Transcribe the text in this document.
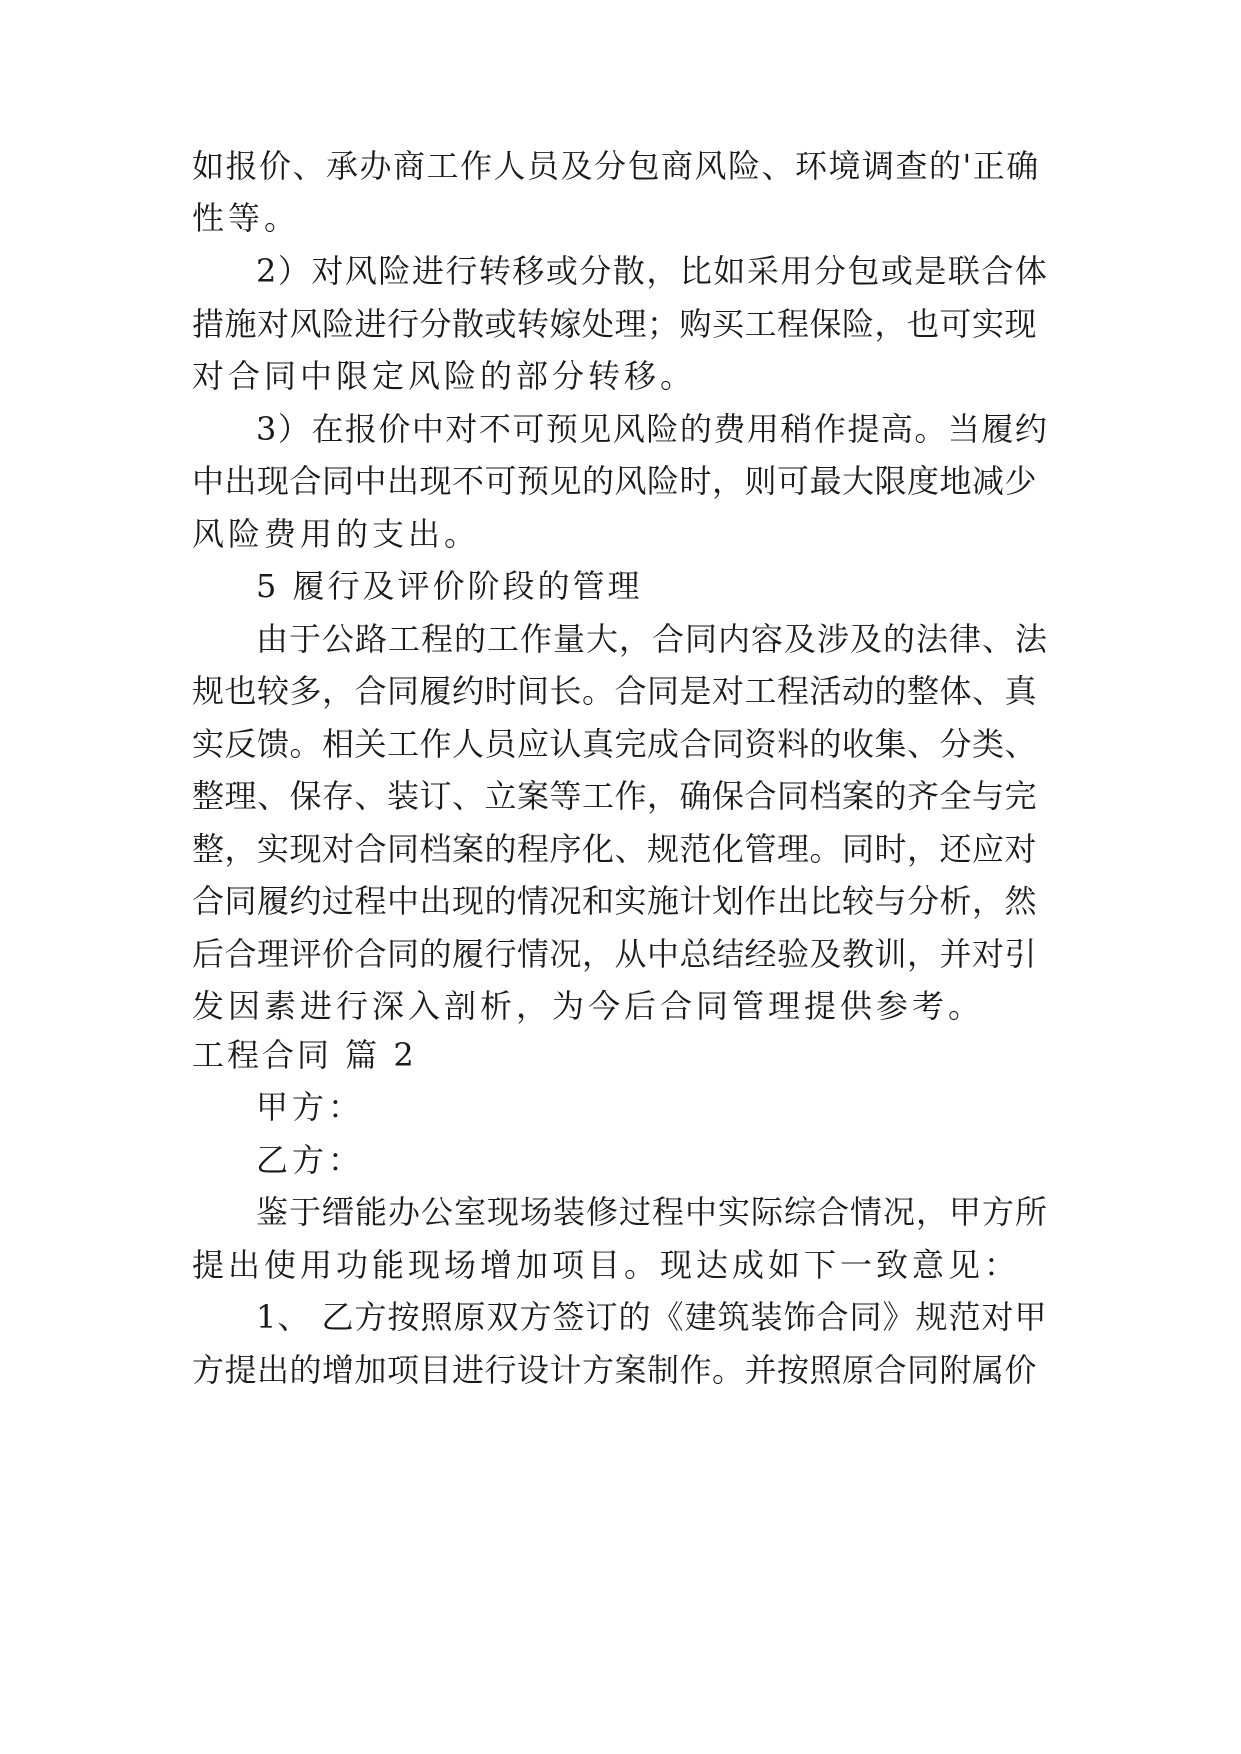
如报价、承办商工作人员及分包商风险、环境调查的'正确
性等。
2）对风险进行转移或分散，比如采用分包或是联合体
措施对风险进行分散或转嫁处理；购买工程保险，也可实现
对合同中限定风险的部分转移。
3）在报价中对不可预见风险的费用稍作提高。当履约
中出现合同中出现不可预见的风险时，则可最大限度地减少
风险费用的支出。
5 履行及评价阶段的管理
由于公路工程的工作量大，合同内容及涉及的法律、法
规也较多，合同履约时间长。合同是对工程活动的整体、真
实反馈。相关工作人员应认真完成合同资料的收集、分类、
整理、保存、装订、立案等工作，确保合同档案的齐全与完
整，实现对合同档案的程序化、规范化管理。同时，还应对
合同履约过程中出现的情况和实施计划作出比较与分析，然
后合理评价合同的履行情况，从中总结经验及教训，并对引
发因素进行深入剖析，为今后合同管理提供参考。
工程合同 篇 2
甲方：
乙方：
鉴于缙能办公室现场装修过程中实际综合情况，甲方所
提出使用功能现场增加项目。现达成如下一致意见：
1、 乙方按照原双方签订的《建筑装饰合同》规范对甲
方提出的增加项目进行设计方案制作。并按照原合同附属价
